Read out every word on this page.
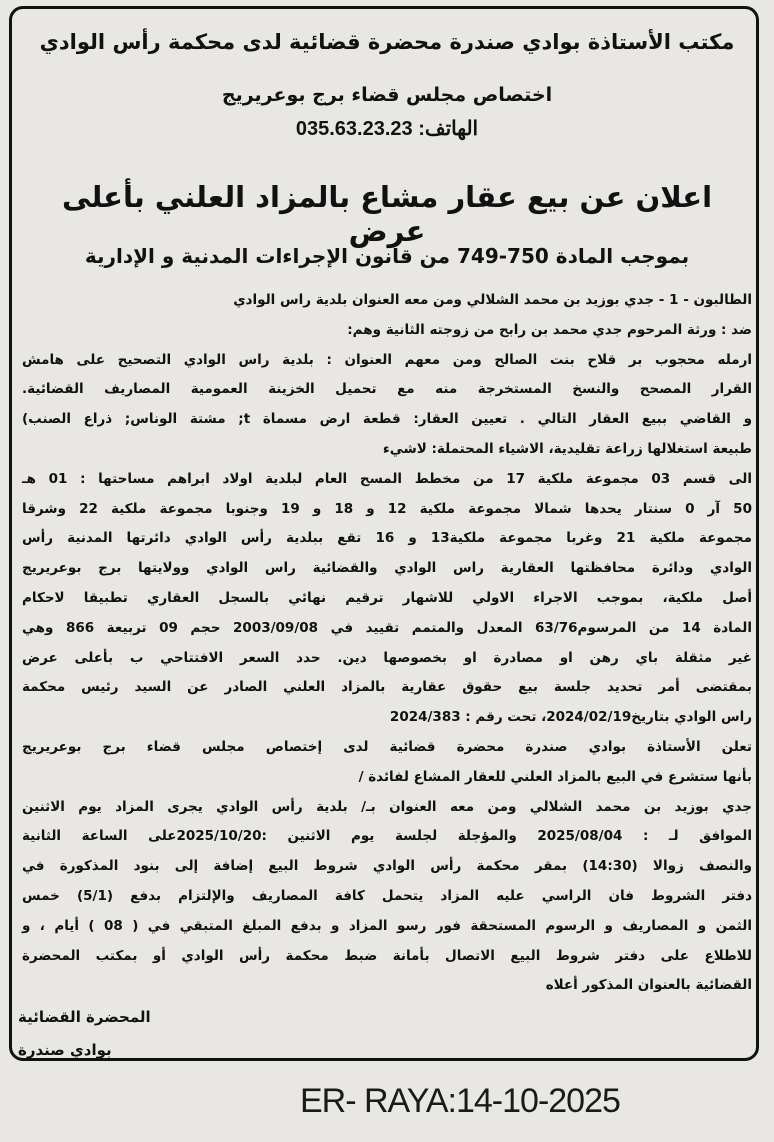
مكتب الأستاذة بوادي صندرة محضرة قضائية لدى محكمة رأس الوادي
اختصاص مجلس قضاء برج بوعريريج
الهاتف: 035.63.23.23
اعلان عن بيع عقار مشاع بالمزاد العلني بأعلى عرض
بموجب المادة 750-749 من قانون الإجراءات المدنية و الإدارية
الطالبون - 1 - جدي بوزيد بن محمد الشلالي ومن معه العنوان بلدية راس الوادي
ضد : ورثة المرحوم جدي محمد بن رابح من زوجته الثانية وهم:
ارمله محجوب بر قلاح بنت الصالح ومن معهم العنوان : بلدية راس الوادي التصحيح على هامش
القرار المصحح والنسخ المستخرجة منه مع تحميل الخزينة العمومية المصاريف القضائية.
و القاضي ببيع العقار التالي . تعيين العقار: قطعة ارض مسماة t; مشتة الوناس; ذراع الصنب)
طبيعة استغلالها زراعة تقليدية، الاشياء المحتملة: لاشيء
الى قسم 03 مجموعة ملكية 17 من مخطط المسح العام لبلدية اولاد ابراهم مساحتها : 01 هـ
50 آر 0 سنتار يحدها شمالا مجموعة ملكية 12 و 18 و 19 وجنوبا مجموعة ملكية 22 وشرقا
مجموعة ملكية 21 وغربا مجموعة ملكية13 و 16 تقع ببلدية رأس الوادي دائرتها المدنية رأس
الوادي ودائرة محافظتها العقارية راس الوادي والقضائية راس الوادي وولايتها برج بوعريريج
أصل ملكية، بموجب الاجراء الاولي للاشهار ترقيم نهائي بالسجل العقاري تطبيقا لاحكام
المادة 14 من المرسوم63/76 المعدل والمتمم تقييد في 2003/09/08 حجم 09 تربيعة 866 وهي
غير مثقلة باي رهن او مصادرة او بخصوصها دين. حدد السعر الافتتاحي ب بأعلى عرض
بمقتضى أمر تحديد جلسة بيع حقوق عقارية بالمزاد العلني الصادر عن السيد رئيس محكمة
راس الوادي بتاريخ2024/02/19، تحت رقم : 2024/383
تعلن الأستاذة بوادي صندرة محضرة قضائية لدى إختصاص مجلس قضاء برج بوعريريج
بأنها ستشرع في البيع بالمزاد العلني للعقار المشاع لفائدة /
جدي بوزيد بن محمد الشلالي ومن معه العنوان بـ/ بلدية رأس الوادي يجرى المزاد يوم الاثنين
الموافق لـ : 2025/08/04 والمؤجلة لجلسة يوم الاثنين :2025/10/20على الساعة الثانية
والنصف زوالا (14:30) بمقر محكمة رأس الوادي شروط البيع إضافة إلى بنود المذكورة في
دفتر الشروط فان الراسي عليه المزاد يتحمل كافة المصاريف والإلتزام بدفع (5/1) خمس
الثمن و المصاريف و الرسوم المستحقة فور رسو المزاد و بدفع المبلغ المتبقي في ( 08 ) أيام ، و
للاطلاع على دفتر شروط البيع الاتصال بأمانة ضبط محكمة رأس الوادي أو بمكتب المحضرة
القضائية بالعنوان المذكور أعلاه
المحضرة القضائية
بوادي صندرة
ER- RAYA:14-10-2025
